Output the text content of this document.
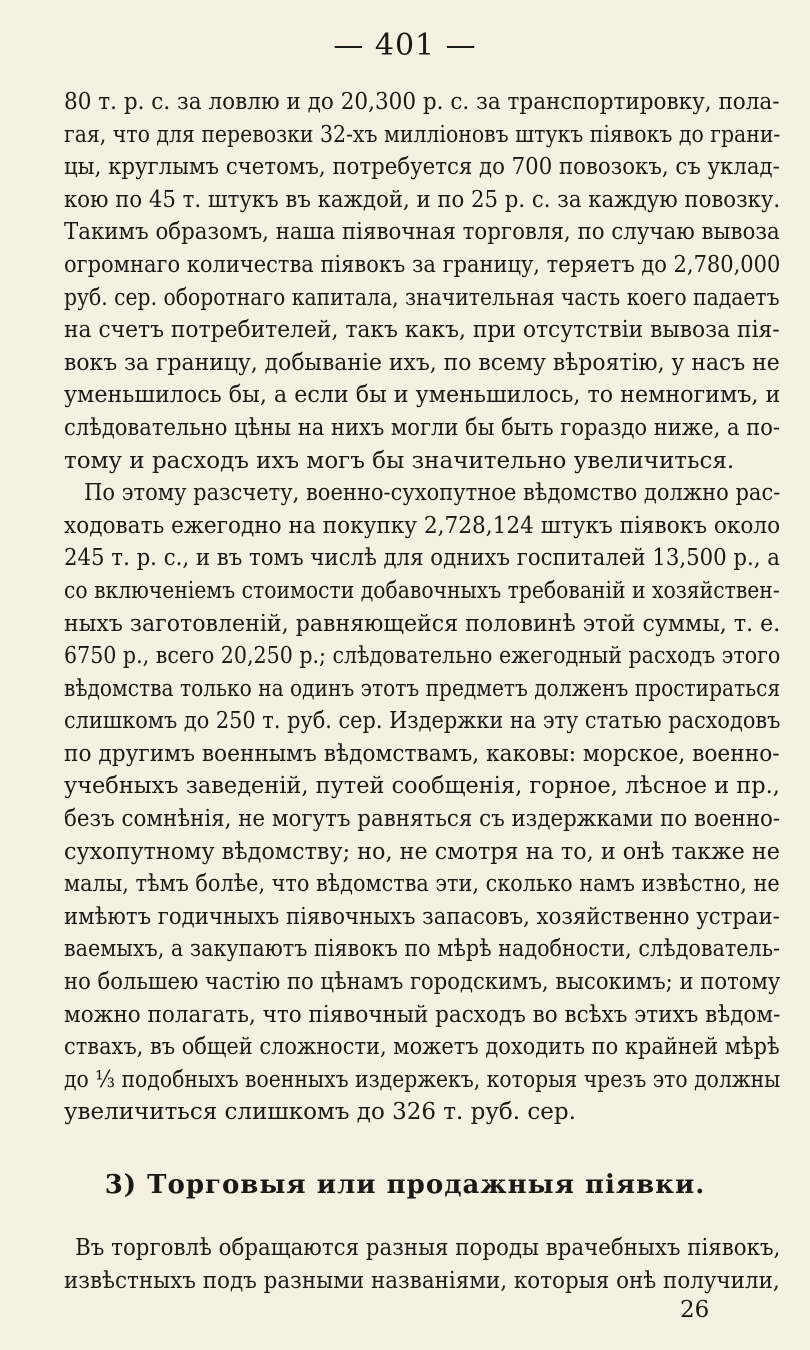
— 401 —

80 т. р. с. за ловлю и до 20,300 р. с. за транспортировку, пола-
гая, что для перевозки 32-хъ милліоновъ штукъ піявокъ до грани-
цы, круглымъ счетомъ, потребуется до 700 повозокъ, съ уклад-
кою по 45 т. штукъ въ каждой, и по 25 р. с. за каждую повозку.
Такимъ образомъ, наша піявочная торговля, по случаю вывоза
огромнаго количества піявокъ за границу, теряетъ до 2,780,000
руб. сер. оборотнаго капитала, значительная часть коего падаетъ
на счетъ потребителей, такъ какъ, при отсутствіи вывоза пія-
вокъ за границу, добываніе ихъ, по всему вѣроятію, у насъ не
уменьшилось бы, а если бы и уменьшилось, то немногимъ, и
слѣдовательно цѣны на нихъ могли бы быть гораздо ниже, а по-
тому и расходъ ихъ могъ бы значительно увеличиться.

По этому разсчету, военно-сухопутное вѣдомство должно рас-
ходовать ежегодно на покупку 2,728,124 штукъ піявокъ около
245 т. р. с., и въ томъ числѣ для однихъ госпиталей 13,500 р., а
со включеніемъ стоимости добавочныхъ требованій и хозяйствен-
ныхъ заготовленій, равняющейся половинѣ этой суммы, т. е.
6750 р., всего 20,250 р.; слѣдовательно ежегодный расходъ этого
вѣдомства только на одинъ этотъ предметъ долженъ простираться
слишкомъ до 250 т. руб. сер. Издержки на эту статью расходовъ
по другимъ военнымъ вѣдомствамъ, каковы: морское, военно-
учебныхъ заведеній, путей сообщенія, горное, лѣсное и пр.,
безъ сомнѣнія, не могутъ равняться съ издержками по военно-
сухопутному вѣдомству; но, не смотря на то, и онѣ также не
малы, тѣмъ болѣе, что вѣдомства эти, сколько намъ извѣстно, не
имѣютъ годичныхъ піявочныхъ запасовъ, хозяйственно устраи-
ваемыхъ, а закупаютъ піявокъ по мѣрѣ надобности, слѣдователь-
но большею частію по цѣнамъ городскимъ, высокимъ; и потому
можно полагать, что піявочный расходъ во всѣхъ этихъ вѣдом-
ствахъ, въ общей сложности, можетъ доходить по крайней мѣрѣ
до ⅓ подобныхъ военныхъ издержекъ, которыя чрезъ это должны
увеличиться слишкомъ до 326 т. руб. сер.

3) Торговыя или продажныя піявки.

Въ торговлѣ обращаются разныя породы врачебныхъ піявокъ,
извѣстныхъ подъ разными названіями, которыя онѣ получили,

26
